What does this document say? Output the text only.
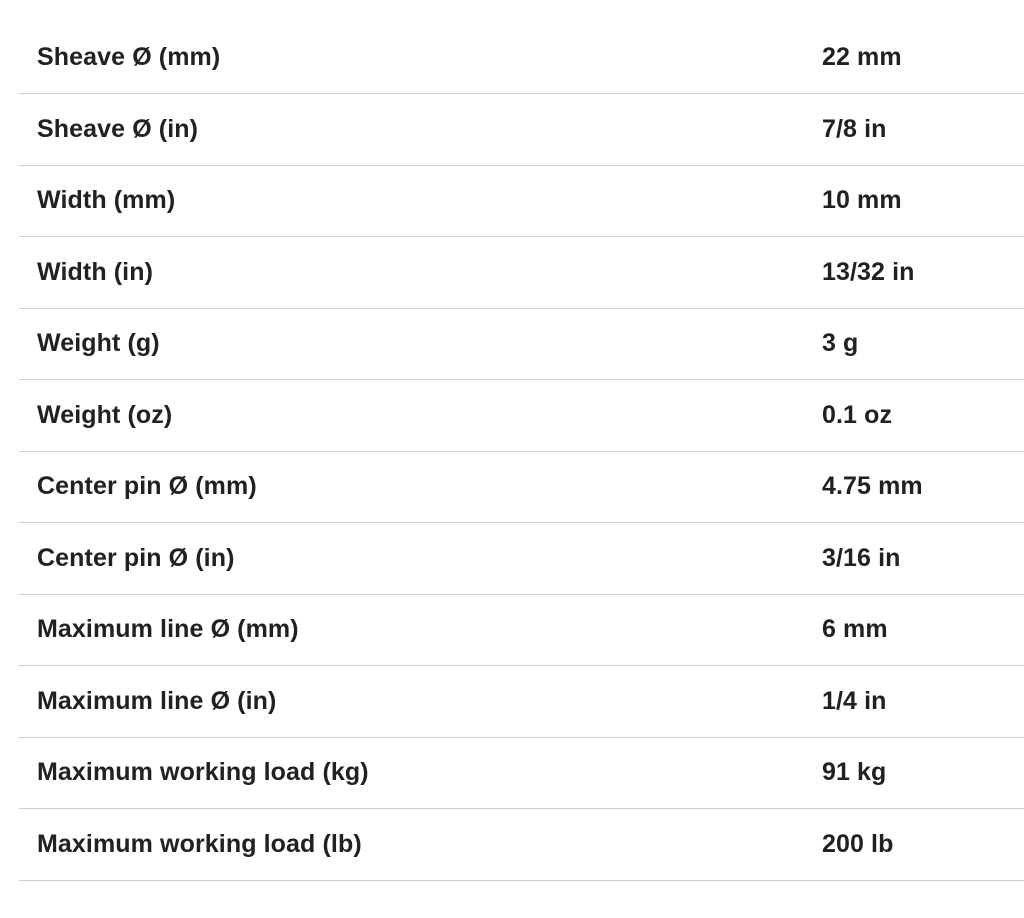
Sheave Ø (mm)	22 mm
Sheave Ø (in)	7/8 in
Width (mm)	10 mm
Width (in)	13/32 in
Weight (g)	3 g
Weight (oz)	0.1 oz
Center pin Ø (mm)	4.75 mm
Center pin Ø (in)	3/16 in
Maximum line Ø (mm)	6 mm
Maximum line Ø (in)	1/4 in
Maximum working load (kg)	91 kg
Maximum working load (lb)	200 lb
